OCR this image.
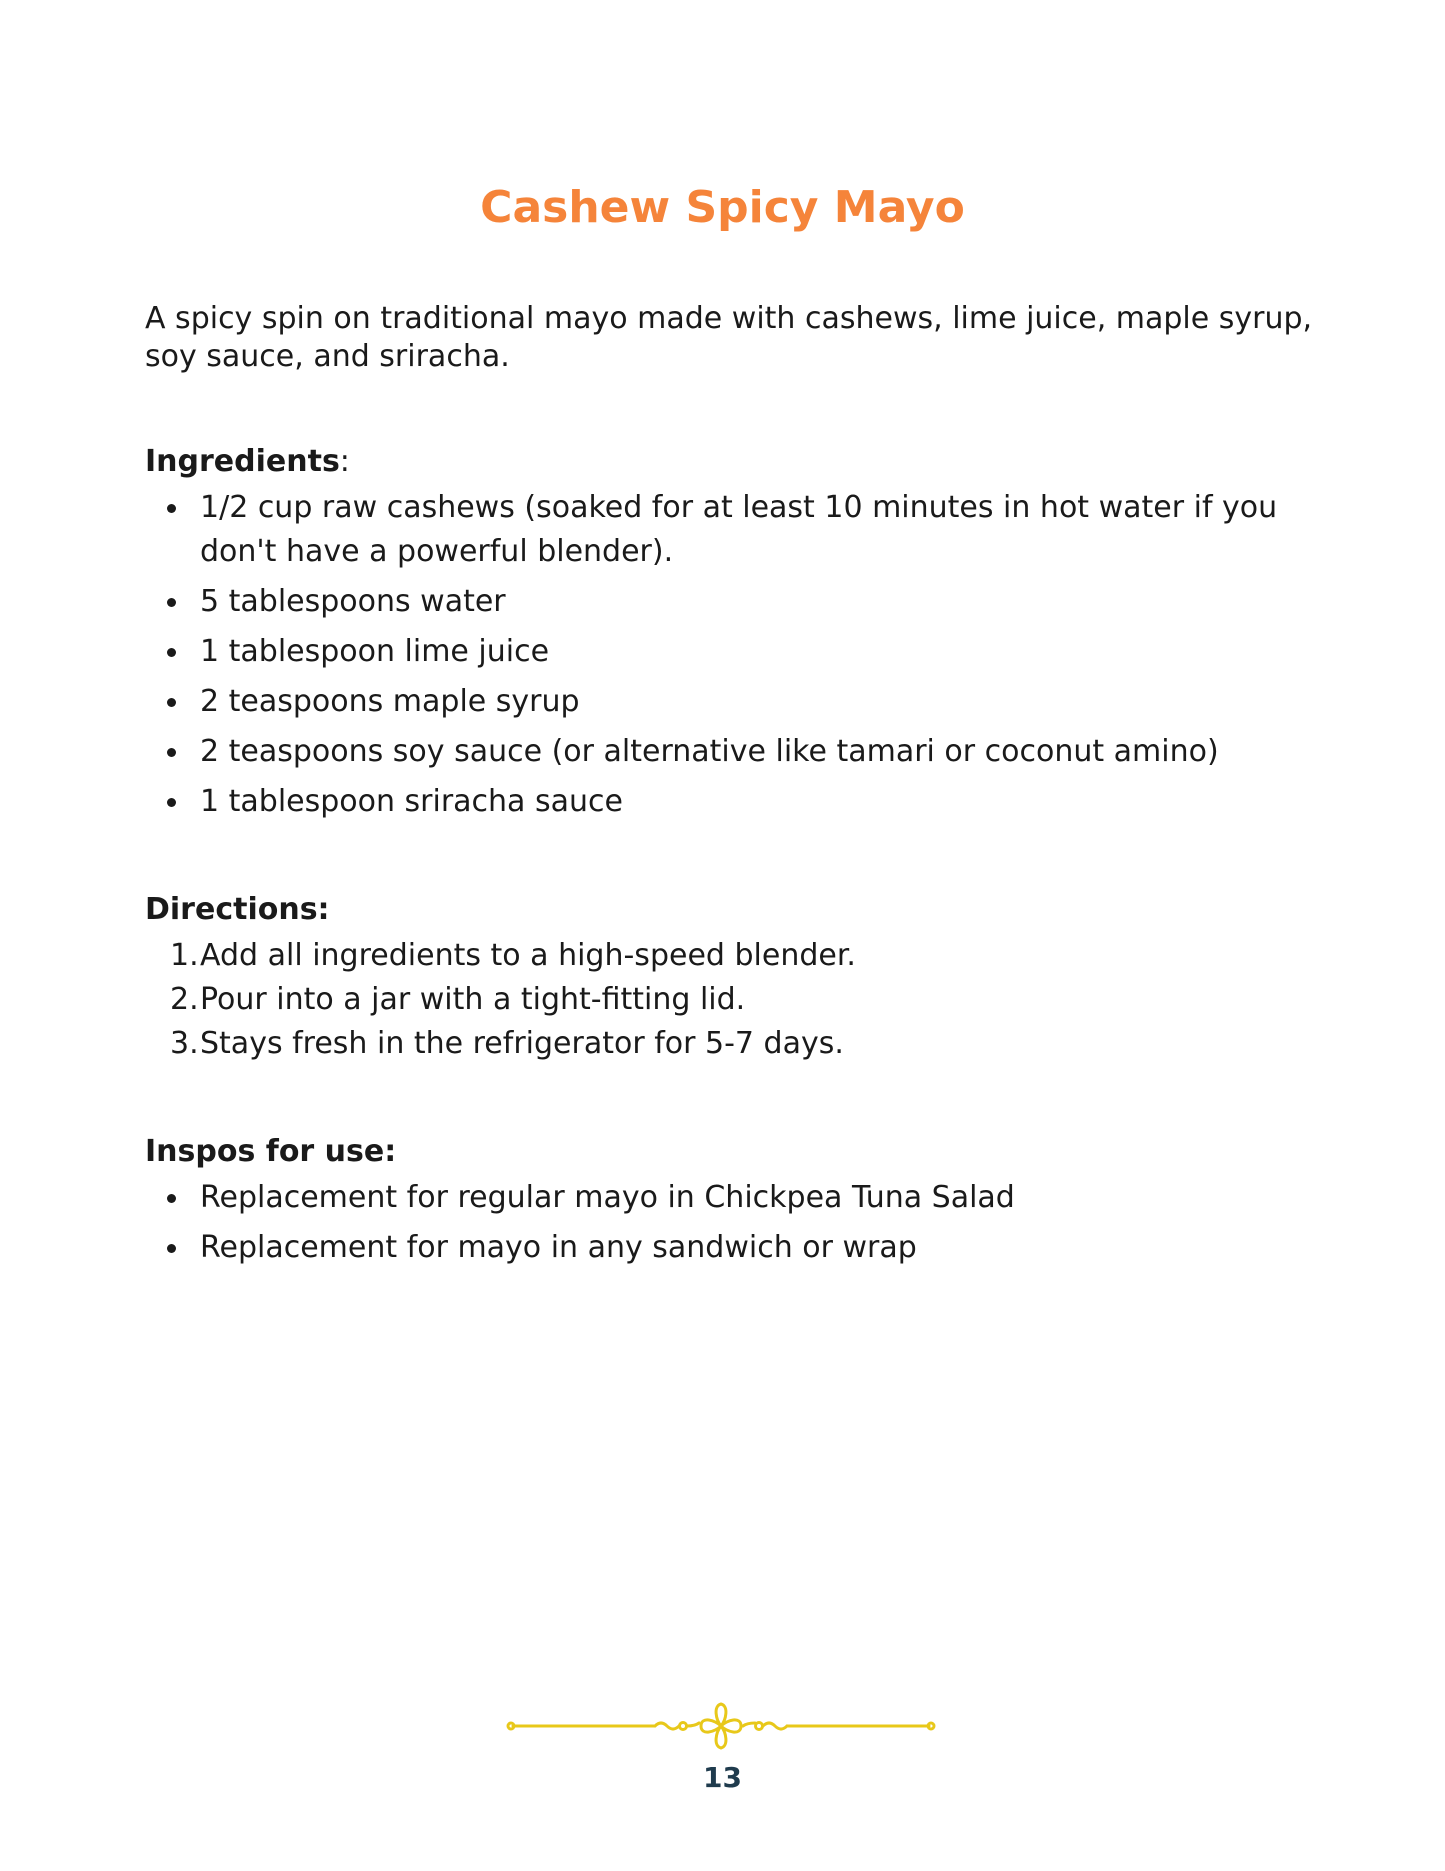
Cashew Spicy Mayo

A spicy spin on traditional mayo made with cashews, lime juice, maple syrup, soy sauce, and sriracha.

Ingredients:
1/2 cup raw cashews (soaked for at least 10 minutes in hot water if you don't have a powerful blender).
5 tablespoons water
1 tablespoon lime juice
2 teaspoons maple syrup
2 teaspoons soy sauce (or alternative like tamari or coconut amino)
1 tablespoon sriracha sauce
Directions:
1. Add all ingredients to a high-speed blender.
2. Pour into a jar with a tight-fitting lid.
3. Stays fresh in the refrigerator for 5-7 days.
Inspos for use:
Replacement for regular mayo in Chickpea Tuna Salad
Replacement for mayo in any sandwich or wrap
13
